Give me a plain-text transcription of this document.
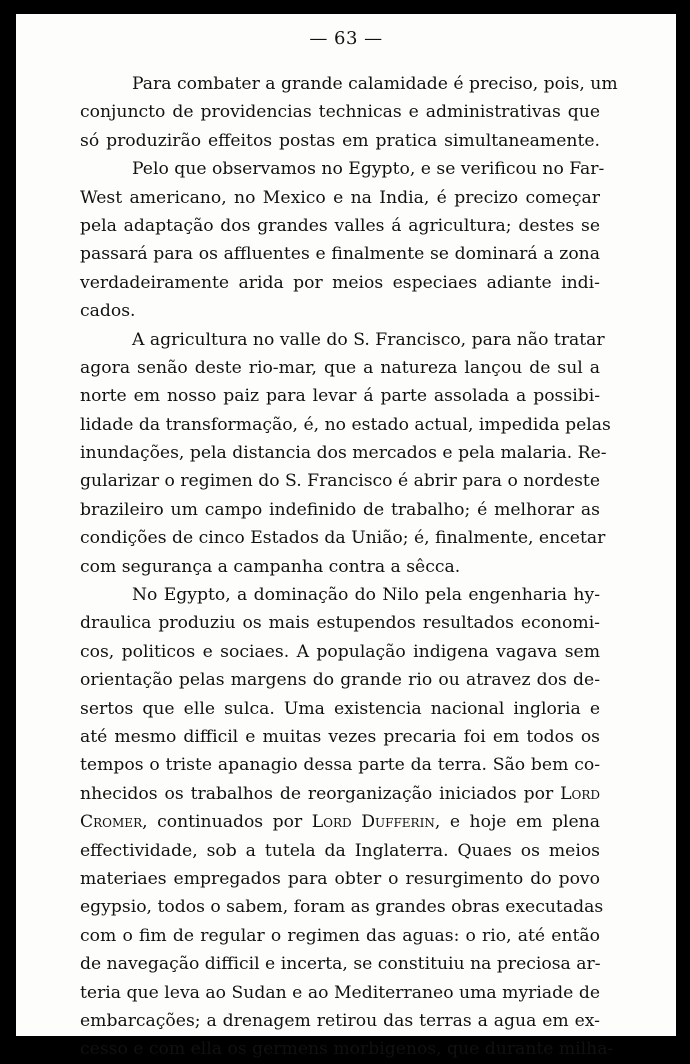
— 63 —
Para combater a grande calamidade é preciso, pois, um
conjuncto de providencias technicas e administrativas que
só produzirão effeitos postas em pratica simultaneamente.
Pelo que observamos no Egypto, e se verificou no Far-
West americano, no Mexico e na India, é precizo começar
pela adaptação dos grandes valles á agricultura; destes se
passará para os affluentes e finalmente se dominará a zona
verdadeiramente arida por meios especiaes adiante indi-
cados.
A agricultura no valle do S. Francisco, para não tratar
agora senão deste rio-mar, que a natureza lançou de sul a
norte em nosso paiz para levar á parte assolada a possibi-
lidade da transformação, é, no estado actual, impedida pelas
inundações, pela distancia dos mercados e pela malaria. Re-
gularizar o regimen do S. Francisco é abrir para o nordeste
brazileiro um campo indefinido de trabalho; é melhorar as
condições de cinco Estados da União; é, finalmente, encetar
com segurança a campanha contra a sêcca.
No Egypto, a dominação do Nilo pela engenharia hy-
draulica produziu os mais estupendos resultados economi-
cos, politicos e sociaes. A população indigena vagava sem
orientação pelas margens do grande rio ou atravez dos de-
sertos que elle sulca. Uma existencia nacional ingloria e
até mesmo difficil e muitas vezes precaria foi em todos os
tempos o triste apanagio dessa parte da terra. São bem co-
nhecidos os trabalhos de reorganização iniciados por Lord
Cromer, continuados por Lord Dufferin, e hoje em plena
effectividade, sob a tutela da Inglaterra. Quaes os meios
materiaes empregados para obter o resurgimento do povo
egypsio, todos o sabem, foram as grandes obras executadas
com o fim de regular o regimen das aguas: o rio, até então
de navegação difficil e incerta, se constituiu na preciosa ar-
teria que leva ao Sudan e ao Mediterraneo uma myriade de
embarcações; a drenagem retirou das terras a agua em ex-
cesso e com ella os germens morbigenos, que durante milha-
